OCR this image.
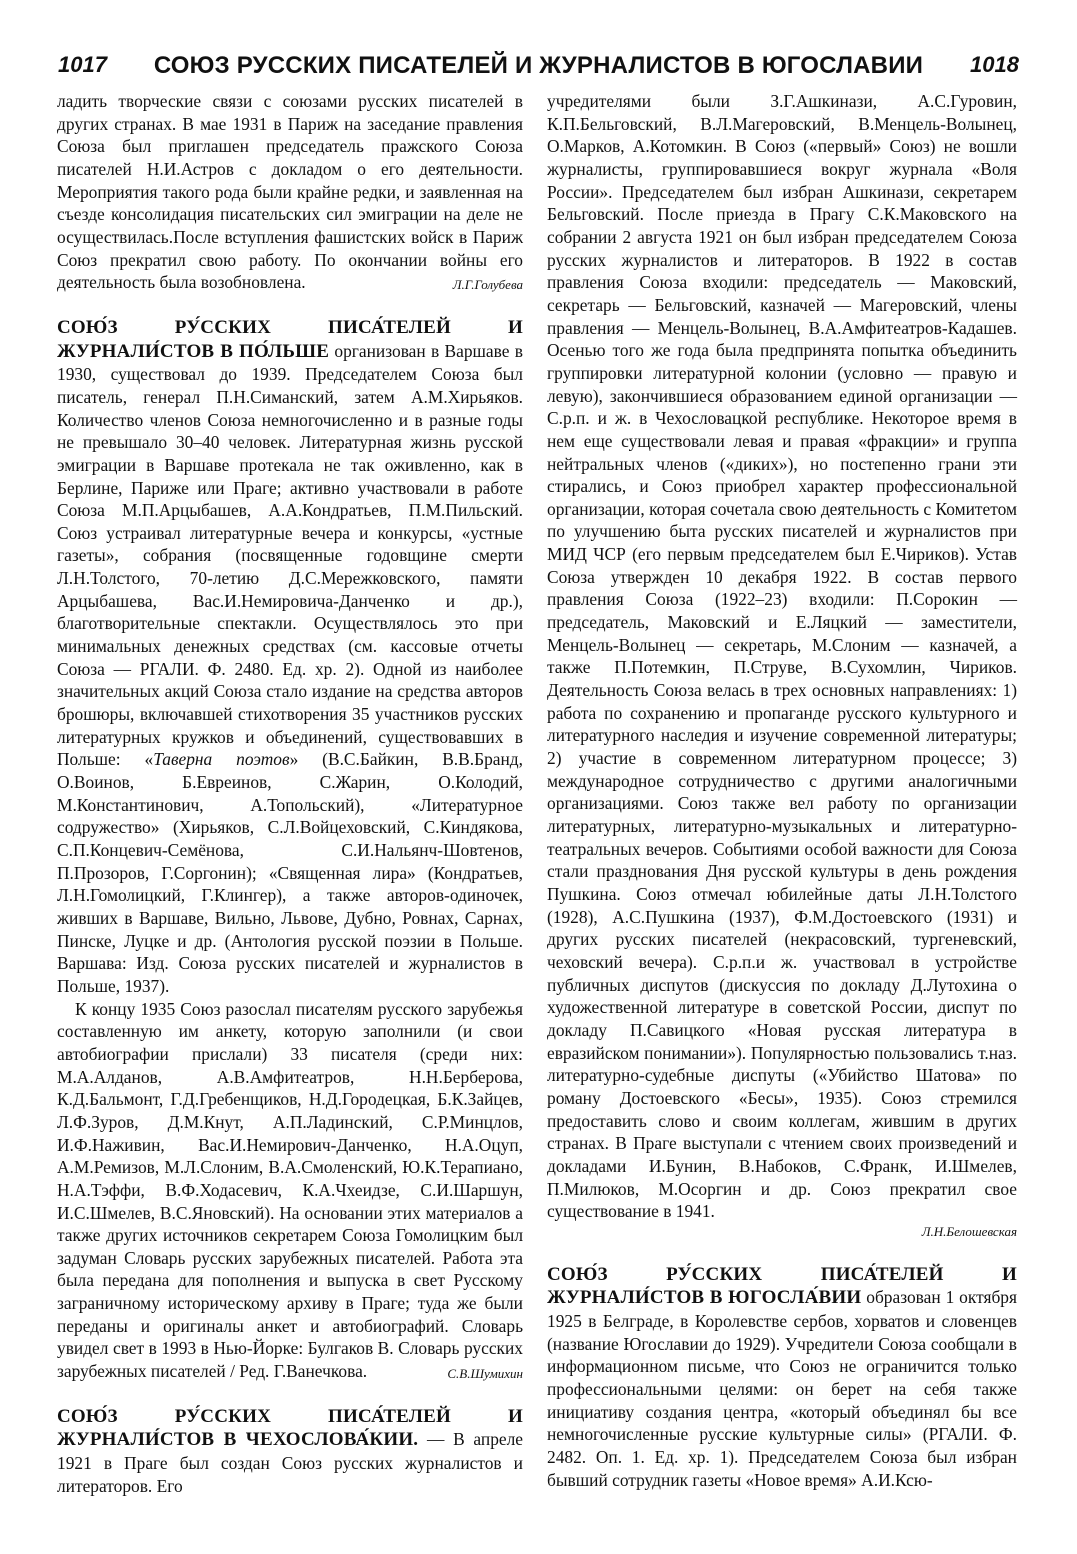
1017	СОЮЗ РУССКИХ ПИСАТЕЛЕЙ И ЖУРНАЛИСТОВ В ЮГОСЛАВИИ	1018

ладить творческие связи с союзами русских писателей в других странах. В мае 1931 в Париж на заседание правления Союза был приглашен председатель пражского Союза писателей Н.И.Астров с докладом о его деятельности. Мероприятия такого рода были крайне редки, и заявленная на съезде консолидация писательских сил эмиграции на деле не осуществилась.После вступления фашистских войск в Париж Союз прекратил свою работу. По окончании войны его деятельность была возобновлена.	Л.Г.Голубева

СОЮ́З РУ́ССКИХ ПИСА́ТЕЛЕЙ И ЖУРНАЛИ́СТОВ В ПО́ЛЬШЕ организован в Варшаве в 1930, существовал до 1939. Председателем Союза был писатель, генерал П.Н.Симанский, затем А.М.Хирьяков. Количество членов Союза немногочисленно и в разные годы не превышало 30–40 человек. Литературная жизнь русской эмиграции в Варшаве протекала не так оживленно, как в Берлине, Париже или Праге; активно участвовали в работе Союза М.П.Арцыбашев, А.А.Кондратьев, П.М.Пильский. Союз устраивал литературные вечера и конкурсы, «устные газеты», собрания (посвященные годовщине смерти Л.Н.Толстого, 70-летию Д.С.Мережковского, памяти Арцыбашева, Вас.И.Немировича-Данченко и др.), благотворительные спектакли. Осуществлялось это при минимальных денежных средствах (см. кассовые отчеты Союза — РГАЛИ. Ф. 2480. Ед. хр. 2). Одной из наиболее значительных акций Союза стало издание на средства авторов брошюры, включавшей стихотворения 35 участников русских литературных кружков и объединений, существовавших в Польше: «Таверна поэтов» (В.С.Байкин, В.В.Бранд, О.Воинов, Б.Евреинов, С.Жарин, О.Колодий, М.Константинович, А.Топольский), «Литературное содружество» (Хирьяков, С.Л.Войцеховский, С.Киндякова, С.П.Концевич-Семёнова, С.И.Нальянч-Шовтенов, П.Прозоров, Г.Соргонин); «Священная лира» (Кондратьев, Л.Н.Гомолицкий, Г.Клингер), а также авторов-одиночек, живших в Варшаве, Вильно, Львове, Дубно, Ровнах, Сарнах, Пинске, Луцке и др. (Антология русской поэзии в Польше. Варшава: Изд. Союза русских писателей и журналистов в Польше, 1937).

К концу 1935 Союз разослал писателям русского зарубежья составленную им анкету, которую заполнили (и свои автобиографии прислали) 33 писателя (среди них: М.А.Алданов, А.В.Амфитеатров, Н.Н.Берберова, К.Д.Бальмонт, Г.Д.Гребенщиков, Н.Д.Городецкая, Б.К.Зайцев, Л.Ф.Зуров, Д.М.Кнут, А.П.Ладинский, С.Р.Минцлов, И.Ф.Наживин, Вас.И.Немирович-Данченко, Н.А.Оцуп, А.М.Ремизов, М.Л.Слоним, В.А.Смоленский, Ю.К.Терапиано, Н.А.Тэффи, В.Ф.Ходасевич, К.А.Чхеидзе, С.И.Шаршун, И.С.Шмелев, В.С.Яновский). На основании этих материалов а также других источников секретарем Союза Гомолицким был задуман Словарь русских зарубежных писателей. Работа эта была передана для пополнения и выпуска в свет Русскому заграничному историческому архиву в Праге; туда же были переданы и оригиналы анкет и автобиографий. Словарь увидел свет в 1993 в Нью-Йорке: Булгаков В. Словарь русских зарубежных писателей / Ред. Г.Ванечкова.	С.В.Шумихин

СОЮ́З РУ́ССКИХ ПИСА́ТЕЛЕЙ И ЖУРНАЛИ́СТОВ В ЧЕХОСЛОВА́КИИ. — В апреле 1921 в Праге был создан Союз русских журналистов и литераторов. Его

учредителями были З.Г.Ашкинази, А.С.Гуровин, К.П.Бельговский, В.Л.Магеровский, В.Менцель-Волынец, О.Марков, А.Котомкин. В Союз («первый» Союз) не вошли журналисты, группировавшиеся вокруг журнала «Воля России». Председателем был избран Ашкинази, секретарем Бельговский. После приезда в Прагу С.К.Маковского на собрании 2 августа 1921 он был избран председателем Союза русских журналистов и литераторов. В 1922 в состав правления Союза входили: председатель — Маковский, секретарь — Бельговский, казначей — Магеровский, члены правления — Менцель-Волынец, В.А.Амфитеатров-Кадашев. Осенью того же года была предпринята попытка объединить группировки литературной колонии (условно — правую и левую), закончившиеся образованием единой организации — С.р.п. и ж. в Чехословацкой республике. Некоторое время в нем еще существовали левая и правая «фракции» и группа нейтральных членов («диких»), но постепенно грани эти стирались, и Союз приобрел характер профессиональной организации, которая сочетала свою деятельность с Комитетом по улучшению быта русских писателей и журналистов при МИД ЧСР (его первым председателем был Е.Чириков). Устав Союза утвержден 10 декабря 1922. В состав первого правления Союза (1922–23) входили: П.Сорокин — председатель, Маковский и Е.Ляцкий — заместители, Менцель-Волынец — секретарь, М.Слоним — казначей, а также П.Потемкин, П.Струве, В.Сухомлин, Чириков. Деятельность Союза велась в трех основных направлениях: 1) работа по сохранению и пропаганде русского культурного и литературного наследия и изучение современной литературы; 2) участие в современном литературном процессе; 3) международное сотрудничество с другими аналогичными организациями. Союз также вел работу по организации литературных, литературно-музыкальных и литературно-театральных вечеров. Событиями особой важности для Союза стали празднования Дня русской культуры в день рождения Пушкина. Союз отмечал юбилейные даты Л.Н.Толстого (1928), А.С.Пушкина (1937), Ф.М.Достоевского (1931) и других русских писателей (некрасовский, тургеневский, чеховский вечера). С.р.п.и ж. участвовал в устройстве публичных диспутов (дискуссия по докладу Д.Лутохина о художественной литературе в советской России, диспут по докладу П.Савицкого «Новая русская литература в евразийском понимании»). Популярностью пользовались т.наз. литературно-судебные диспуты («Убийство Шатова» по роману Достоевского «Бесы», 1935). Союз стремился предоставить слово и своим коллегам, жившим в других странах. В Праге выступали с чтением своих произведений и докладами И.Бунин, В.Набоков, С.Франк, И.Шмелев, П.Милюков, М.Осоргин и др. Союз прекратил свое существование в 1941.

Л.Н.Белошевская

СОЮ́З РУ́ССКИХ ПИСА́ТЕЛЕЙ И ЖУРНАЛИ́СТОВ В ЮГОСЛА́ВИИ образован 1 октября 1925 в Белграде, в Королевстве сербов, хорватов и словенцев (название Югославии до 1929). Учредители Союза сообщали в информационном письме, что Союз не ограничится только профессиональными целями: он берет на себя также инициативу создания центра, «который объединял бы все немногочисленные русские культурные силы» (РГАЛИ. Ф. 2482. Оп. 1. Ед. хр. 1). Председателем Союза был избран бывший сотрудник газеты «Новое время» А.И.Ксю-
